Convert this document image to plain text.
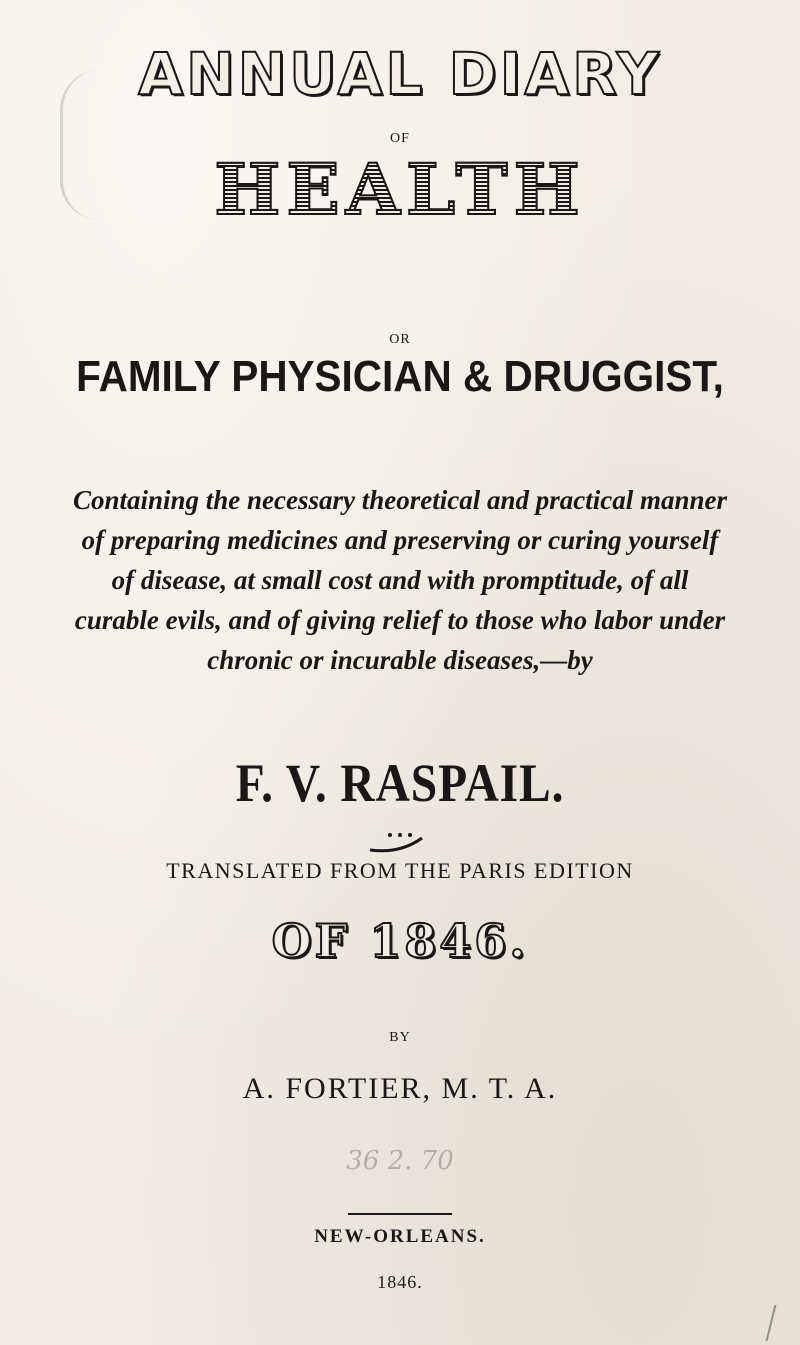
ANNUAL DIARY
OF
HEALTH
OR
FAMILY PHYSICIAN & DRUGGIST,
Containing the necessary theoretical and practical manner of preparing medicines and preserving or curing yourself of disease, at small cost and with promptitude, of all curable evils, and of giving relief to those who labor under chronic or incurable diseases,—by
F. V. RASPAIL.
TRANSLATED FROM THE PARIS EDITION
OF 1846.
BY
A. FORTIER, M. T. A.
36 2. 70
NEW-ORLEANS.
1846.
